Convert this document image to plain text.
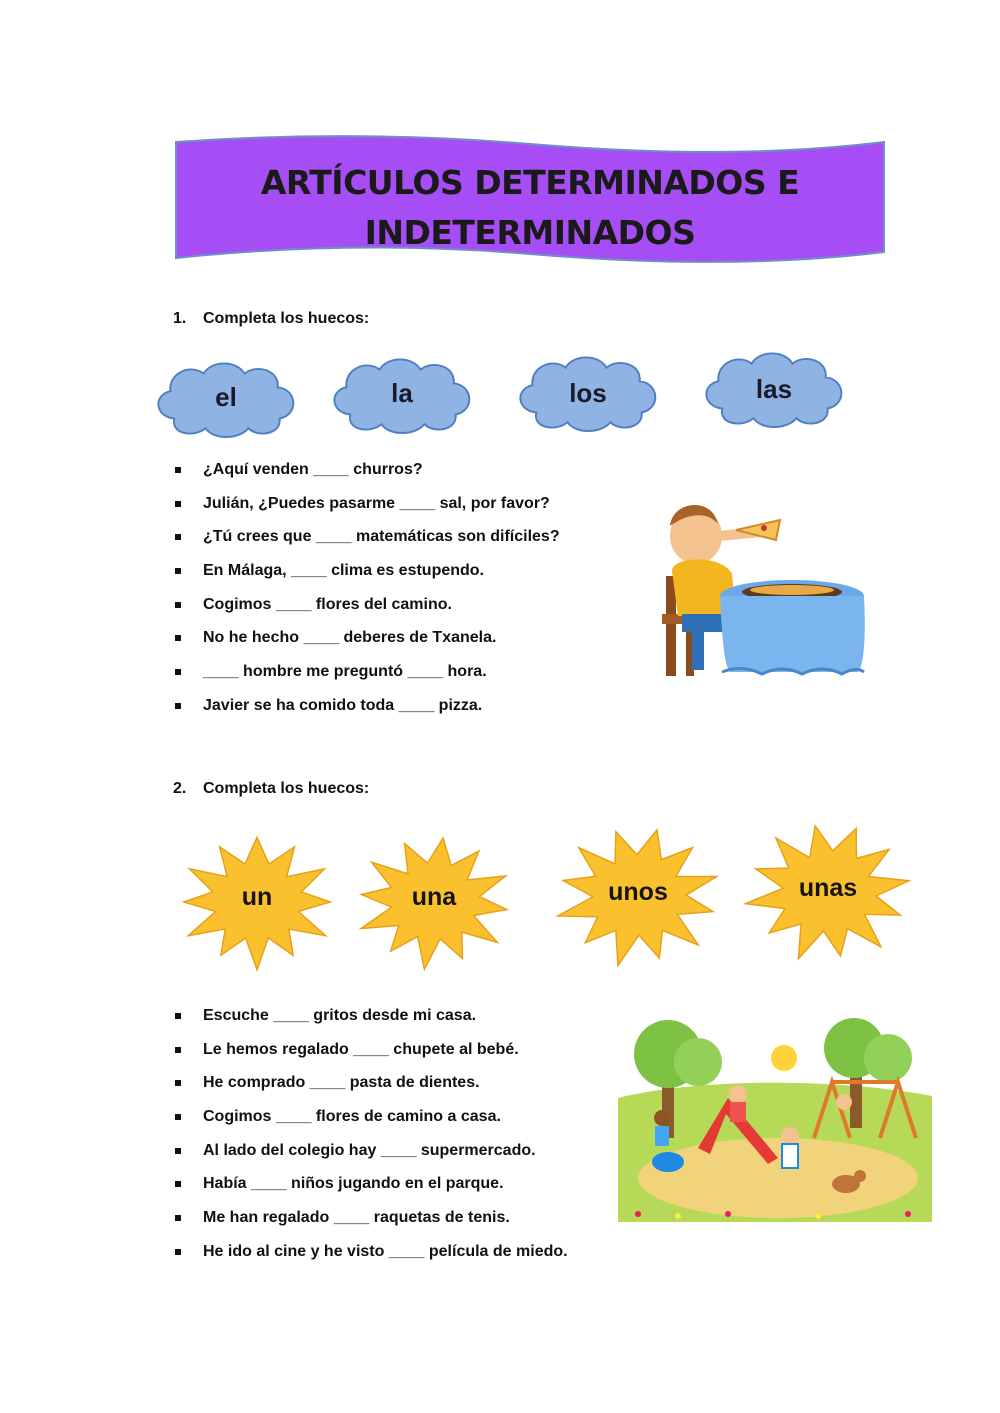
ARTÍCULOS DETERMINADOS E
INDETERMINADOS
1. Completa los huecos:
el	la	los	las
¿Aquí venden ____ churros?
Julián, ¿Puedes pasarme ____ sal, por favor?
¿Tú crees que ____ matemáticas son difíciles?
En Málaga, ____ clima es estupendo.
Cogimos ____ flores del camino.
No he hecho ____ deberes de Txanela.
____ hombre me preguntó ____ hora.
Javier se ha comido toda ____ pizza.
2. Completa los huecos:
un	una	unos	unas
Escuche ____ gritos desde mi casa.
Le hemos regalado ____ chupete al bebé.
He comprado ____ pasta de dientes.
Cogimos ____ flores de camino a casa.
Al lado del colegio hay ____ supermercado.
Había ____ niños jugando en el parque.
Me han regalado ____ raquetas de tenis.
He ido al cine y he visto ____ película de miedo.
